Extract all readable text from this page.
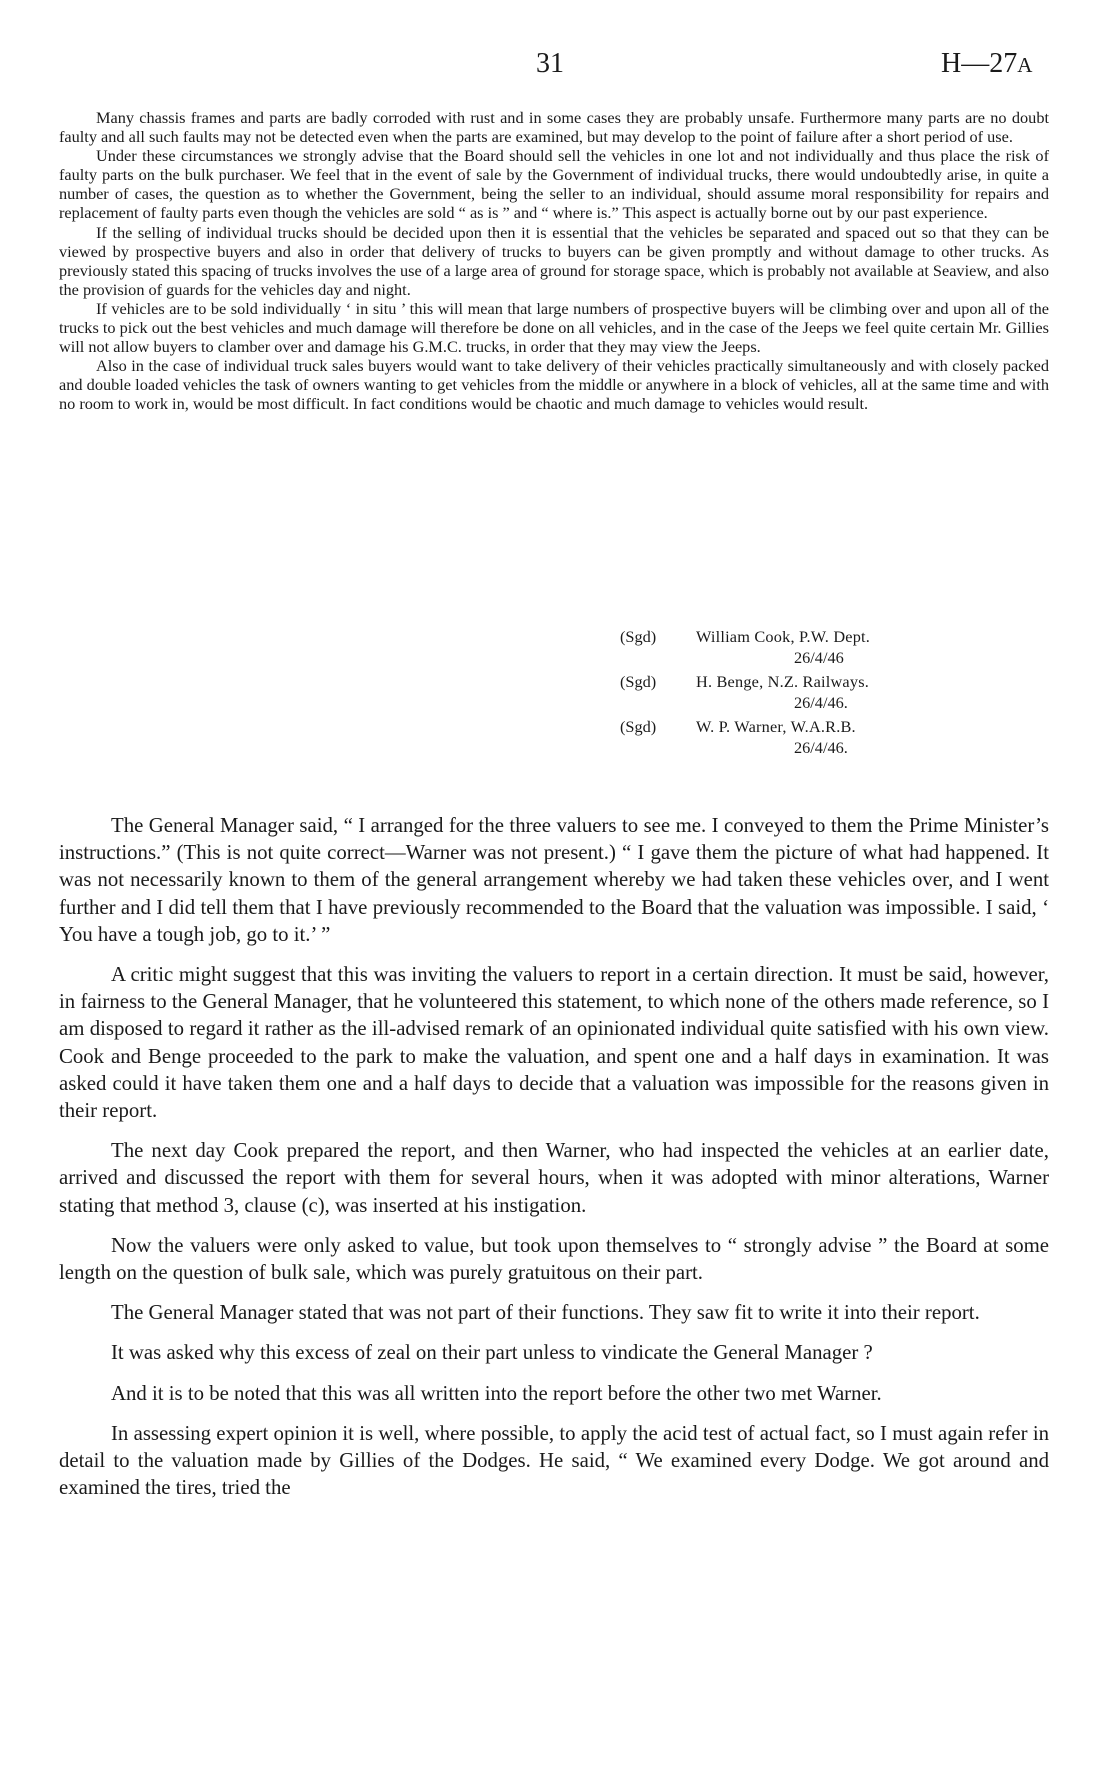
31	H—27A

Many chassis frames and parts are badly corroded with rust and in some cases they are probably unsafe. Furthermore many parts are no doubt faulty and all such faults may not be detected even when the parts are examined, but may develop to the point of failure after a short period of use.

Under these circumstances we strongly advise that the Board should sell the vehicles in one lot and not individually and thus place the risk of faulty parts on the bulk purchaser. We feel that in the event of sale by the Government of individual trucks, there would undoubtedly arise, in quite a number of cases, the question as to whether the Government, being the seller to an individual, should assume moral responsibility for repairs and replacement of faulty parts even though the vehicles are sold “ as is ” and “ where is.” This aspect is actually borne out by our past experience.

If the selling of individual trucks should be decided upon then it is essential that the vehicles be separated and spaced out so that they can be viewed by prospective buyers and also in order that delivery of trucks to buyers can be given promptly and without damage to other trucks. As previously stated this spacing of trucks involves the use of a large area of ground for storage space, which is probably not available at Seaview, and also the provision of guards for the vehicles day and night.

If vehicles are to be sold individually ‘ in situ ’ this will mean that large numbers of prospective buyers will be climbing over and upon all of the trucks to pick out the best vehicles and much damage will therefore be done on all vehicles, and in the case of the Jeeps we feel quite certain Mr. Gillies will not allow buyers to clamber over and damage his G.M.C. trucks, in order that they may view the Jeeps.

Also in the case of individual truck sales buyers would want to take delivery of their vehicles practically simultaneously and with closely packed and double loaded vehicles the task of owners wanting to get vehicles from the middle or anywhere in a block of vehicles, all at the same time and with no room to work in, would be most difficult. In fact conditions would be chaotic and much damage to vehicles would result.

(Sgd)	William Cook, P.W. Dept.
26/4/46
(Sgd)	H. Benge, N.Z. Railways.
26/4/46.
(Sgd)	W. P. Warner, W.A.R.B.
26/4/46.

The General Manager said, “ I arranged for the three valuers to see me. I conveyed to them the Prime Minister’s instructions.” (This is not quite correct—Warner was not present.) “ I gave them the picture of what had happened. It was not necessarily known to them of the general arrangement whereby we had taken these vehicles over, and I went further and I did tell them that I have previously recommended to the Board that the valuation was impossible. I said, ‘ You have a tough job, go to it.’ ”

A critic might suggest that this was inviting the valuers to report in a certain direction. It must be said, however, in fairness to the General Manager, that he volunteered this statement, to which none of the others made reference, so I am disposed to regard it rather as the ill-advised remark of an opinionated individual quite satisfied with his own view. Cook and Benge proceeded to the park to make the valuation, and spent one and a half days in examination. It was asked could it have taken them one and a half days to decide that a valuation was impossible for the reasons given in their report.

The next day Cook prepared the report, and then Warner, who had inspected the vehicles at an earlier date, arrived and discussed the report with them for several hours, when it was adopted with minor alterations, Warner stating that method 3, clause (c), was inserted at his instigation.

Now the valuers were only asked to value, but took upon themselves to “ strongly advise ” the Board at some length on the question of bulk sale, which was purely gratuitous on their part.

The General Manager stated that was not part of their functions. They saw fit to write it into their report.

It was asked why this excess of zeal on their part unless to vindicate the General Manager ?

And it is to be noted that this was all written into the report before the other two met Warner.

In assessing expert opinion it is well, where possible, to apply the acid test of actual fact, so I must again refer in detail to the valuation made by Gillies of the Dodges. He said, “ We examined every Dodge. We got around and examined the tires, tried the
